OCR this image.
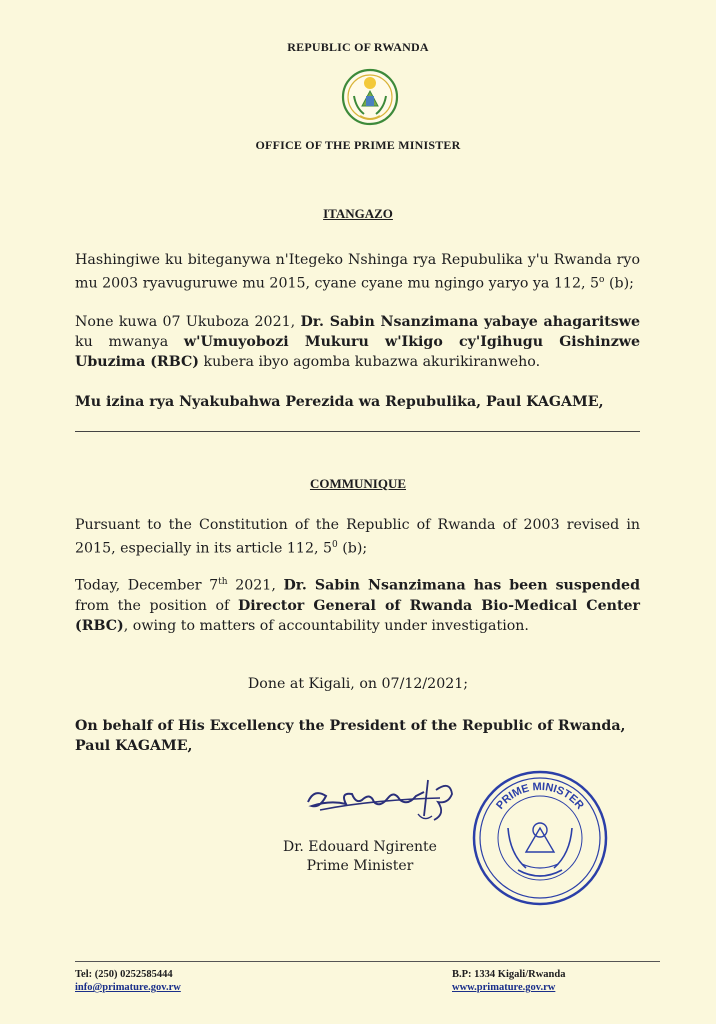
REPUBLIC OF RWANDA
OFFICE OF THE PRIME MINISTER
ITANGAZO
Hashingiwe ku biteganywa n'Itegeko Nshinga rya Repubulika y'u Rwanda ryo mu 2003 ryavuguruwe mu 2015, cyane cyane mu ngingo yaryo ya 112, 5$^o$ (b);
None kuwa 07 Ukuboza 2021, Dr. Sabin Nsanzimana yabaye ahagaritswe ku mwanya w'Umuyobozi Mukuru w'Ikigo cy'Igihugu Gishinzwe Ubuzima (RBC) kubera ibyo agomba kubazwa akurikiranweho.
Mu izina rya Nyakubahwa Perezida wa Repubulika, Paul KAGAME,
COMMUNIQUE
Pursuant to the Constitution of the Republic of Rwanda of 2003 revised in 2015, especially in its article 112, $5^0$ (b);
Today, December 7th 2021, Dr. Sabin Nsanzimana has been suspended from the position of Director General of Rwanda Bio-Medical Center (RBC), owing to matters of accountability under investigation.
Done at Kigali, on 07/12/2021;
On behalf of His Excellency the President of the Republic of Rwanda,
Paul KAGAME,
Dr. Edouard Ngirente
Prime Minister
PRIME MINISTER
Tel: (250) 0252585444
info@primature.gov.rw
B.P: 1334 Kigali/Rwanda
www.primature.gov.rw
